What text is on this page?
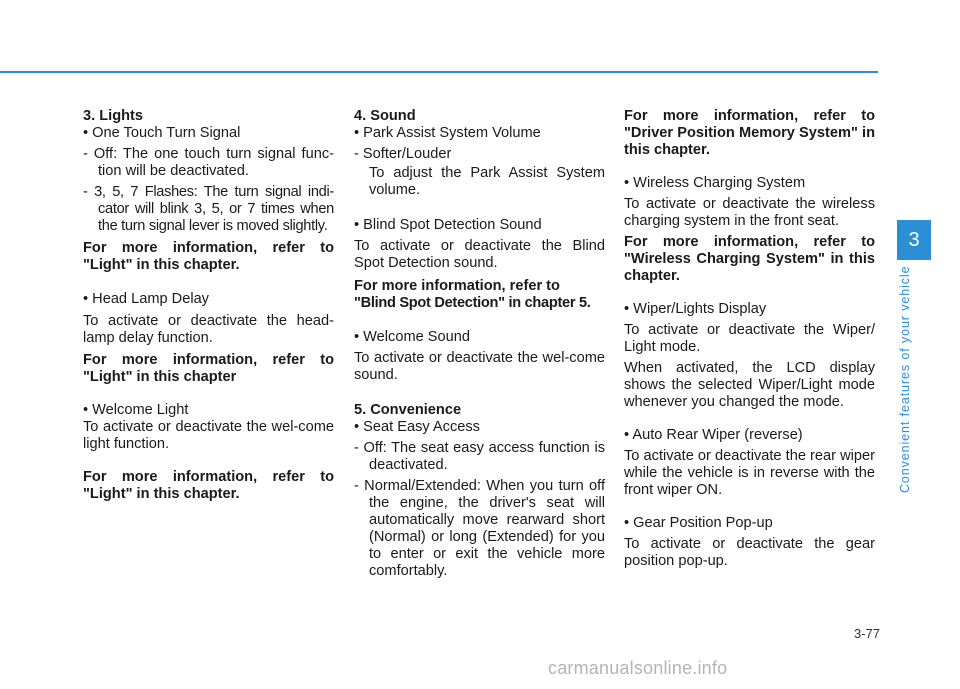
3. Lights

• One Touch Turn Signal

- Off: The one touch turn signal func-tion will be deactivated.

- 3, 5, 7 Flashes: The turn signal indi-cator will blink 3, 5, or 7 times when the turn signal lever is moved slightly.

For more information, refer to "Light" in this chapter.

• Head Lamp Delay

To activate or deactivate the head-lamp delay function.

For more information, refer to "Light" in this chapter

• Welcome Light

To activate or deactivate the wel-come light function.

For more information, refer to "Light" in this chapter.

4. Sound

• Park Assist System Volume

- Softer/Louder

To adjust the Park Assist System volume.

• Blind Spot Detection Sound

To activate or deactivate the Blind Spot Detection sound.

For more information, refer to

"Blind Spot Detection" in chapter 5.

• Welcome Sound

To activate or deactivate the wel-come sound.

5. Convenience

• Seat Easy Access

- Off: The seat easy access function is deactivated.

- Normal/Extended: When you turn off the engine, the driver's seat will automatically move rearward short (Normal) or long (Extended) for you to enter or exit the vehicle more comfortably.

For more information, refer to "Driver Position Memory System" in this chapter.

• Wireless Charging System

To activate or deactivate the wireless charging system in the front seat.

For more information, refer to "Wireless Charging System" in this chapter.

• Wiper/Lights Display

To activate or deactivate the Wiper/ Light mode.

When activated, the LCD display shows the selected Wiper/Light mode whenever you changed the mode.

• Auto Rear Wiper (reverse)

To activate or deactivate the rear wiper while the vehicle is in reverse with the front wiper ON.

• Gear Position Pop-up

To activate or deactivate the gear position pop-up.

3
Convenient features of your vehicle
3-77
carmanualsonline.info
